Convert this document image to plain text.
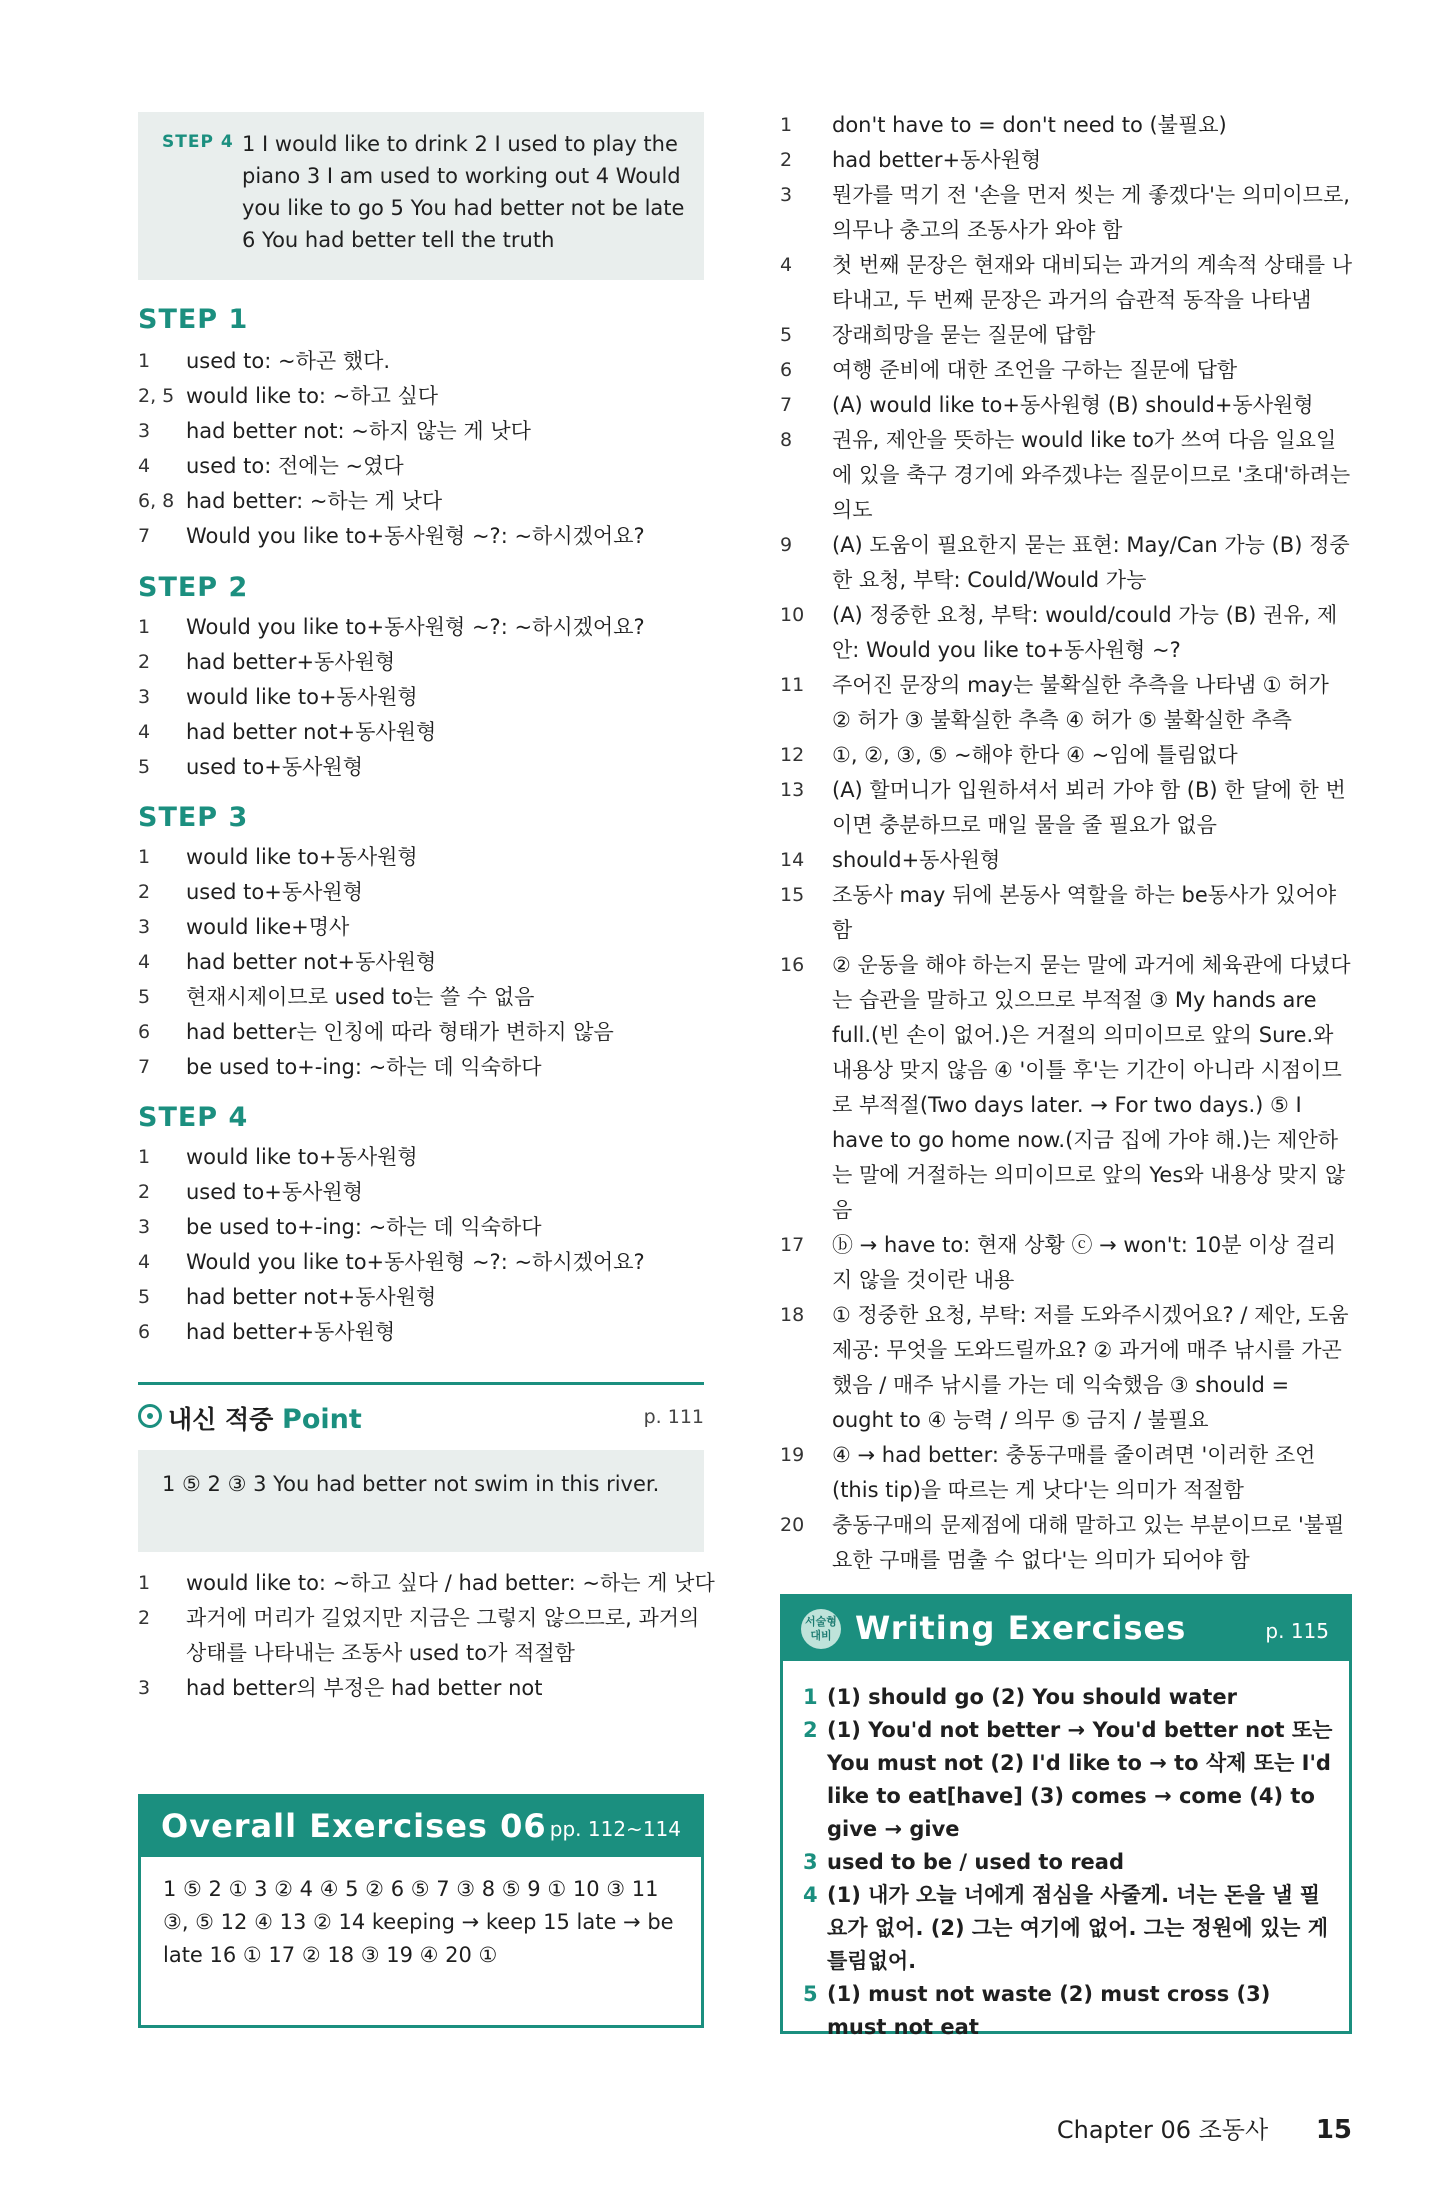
STEP 4 1 I would like to drink 2 I used to play the piano 3 I am used to working out 4 Would you like to go 5 You had better not be late 6 You had better tell the truth
STEP 1
1	used to: ~하곤 했다.
2, 5 would like to: ~하고 싶다
3	had better not: ~하지 않는 게 낫다
4	used to: 전에는 ~였다
6, 8 had better: ~하는 게 낫다
7	Would you like to+동사원형 ~?: ~하시겠어요?
STEP 2
1	Would you like to+동사원형 ~?: ~하시겠어요?
2	had better+동사원형
3	would like to+동사원형
4	had better not+동사원형
5	used to+동사원형
STEP 3
1	would like to+동사원형
2	used to+동사원형
3	would like+명사
4	had better not+동사원형
5	현재시제이므로 used to는 쓸 수 없음
6	had better는 인칭에 따라 형태가 변하지 않음
7	be used to+-ing: ~하는 데 익숙하다
STEP 4
1	would like to+동사원형
2	used to+동사원형
3	be used to+-ing: ~하는 데 익숙하다
4	Would you like to+동사원형 ~?: ~하시겠어요?
5	had better not+동사원형
6	had better+동사원형
내신 적중 Point	p. 111
1 ⑤ 2 ③ 3 You had better not swim in this river.
1	would like to: ~하고 싶다 / had better: ~하는 게 낫다
2	과거에 머리가 길었지만 지금은 그렇지 않으므로, 과거의 상태를 나타내는 조동사 used to가 적절함
3	had better의 부정은 had better not
Overall Exercises 06 pp. 112~114
1 ⑤ 2 ① 3 ② 4 ④ 5 ② 6 ⑤ 7 ③ 8 ⑤ 9 ① 10 ③ 11 ③, ⑤ 12 ④ 13 ② 14 keeping → keep 15 late → be late 16 ① 17 ② 18 ③ 19 ④ 20 ①
1	don't have to = don't need to (불필요)
2	had better+동사원형
3	뭔가를 먹기 전 '손을 먼저 씻는 게 좋겠다'는 의미이므로, 의무나 충고의 조동사가 와야 함
4	첫 번째 문장은 현재와 대비되는 과거의 계속적 상태를 나타내고, 두 번째 문장은 과거의 습관적 동작을 나타냄
5	장래희망을 묻는 질문에 답함
6	여행 준비에 대한 조언을 구하는 질문에 답함
7	(A) would like to+동사원형 (B) should+동사원형
8	권유, 제안을 뜻하는 would like to가 쓰여 다음 일요일에 있을 축구 경기에 와주겠냐는 질문이므로 '초대'하려는 의도
9	(A) 도움이 필요한지 묻는 표현: May/Can 가능 (B) 정중한 요청, 부탁: Could/Would 가능
10	(A) 정중한 요청, 부탁: would/could 가능 (B) 권유, 제안: Would you like to+동사원형 ~?
11	주어진 문장의 may는 불확실한 추측을 나타냄 ① 허가 ② 허가 ③ 불확실한 추측 ④ 허가 ⑤ 불확실한 추측
12	①, ②, ③, ⑤ ~해야 한다 ④ ~임에 틀림없다
13	(A) 할머니가 입원하셔서 뵈러 가야 함 (B) 한 달에 한 번이면 충분하므로 매일 물을 줄 필요가 없음
14	should+동사원형
15	조동사 may 뒤에 본동사 역할을 하는 be동사가 있어야 함
16	② 운동을 해야 하는지 묻는 말에 과거에 체육관에 다녔다는 습관을 말하고 있으므로 부적절 ③ My hands are full.(빈 손이 없어.)은 거절의 의미이므로 앞의 Sure.와 내용상 맞지 않음 ④ '이틀 후'는 기간이 아니라 시점이므로 부적절(Two days later. → For two days.) ⑤ I have to go home now.(지금 집에 가야 해.)는 제안하는 말에 거절하는 의미이므로 앞의 Yes와 내용상 맞지 않음
17	ⓑ → have to: 현재 상황 ⓒ → won't: 10분 이상 걸리지 않을 것이란 내용
18	① 정중한 요청, 부탁: 저를 도와주시겠어요? / 제안, 도움 제공: 무엇을 도와드릴까요? ② 과거에 매주 낚시를 가곤 했음 / 매주 낚시를 가는 데 익숙했음 ③ should = ought to ④ 능력 / 의무 ⑤ 금지 / 불필요
19	④ → had better: 충동구매를 줄이려면 '이러한 조언(this tip)을 따르는 게 낫다'는 의미가 적절함
20	충동구매의 문제점에 대해 말하고 있는 부분이므로 '불필요한 구매를 멈출 수 없다'는 의미가 되어야 함
서술형 대비 Writing Exercises	p. 115
1 (1) should go (2) You should water
2 (1) You'd not better → You'd better not 또는 You must not (2) I'd like to → to 삭제 또는 I'd like to eat[have] (3) comes → come (4) to give → give
3 used to be / used to read
4 (1) 내가 오늘 너에게 점심을 사줄게. 너는 돈을 낼 필요가 없어. (2) 그는 여기에 없어. 그는 정원에 있는 게 틀림없어.
5 (1) must not waste (2) must cross (3) must not eat
Chapter 06 조동사 15
